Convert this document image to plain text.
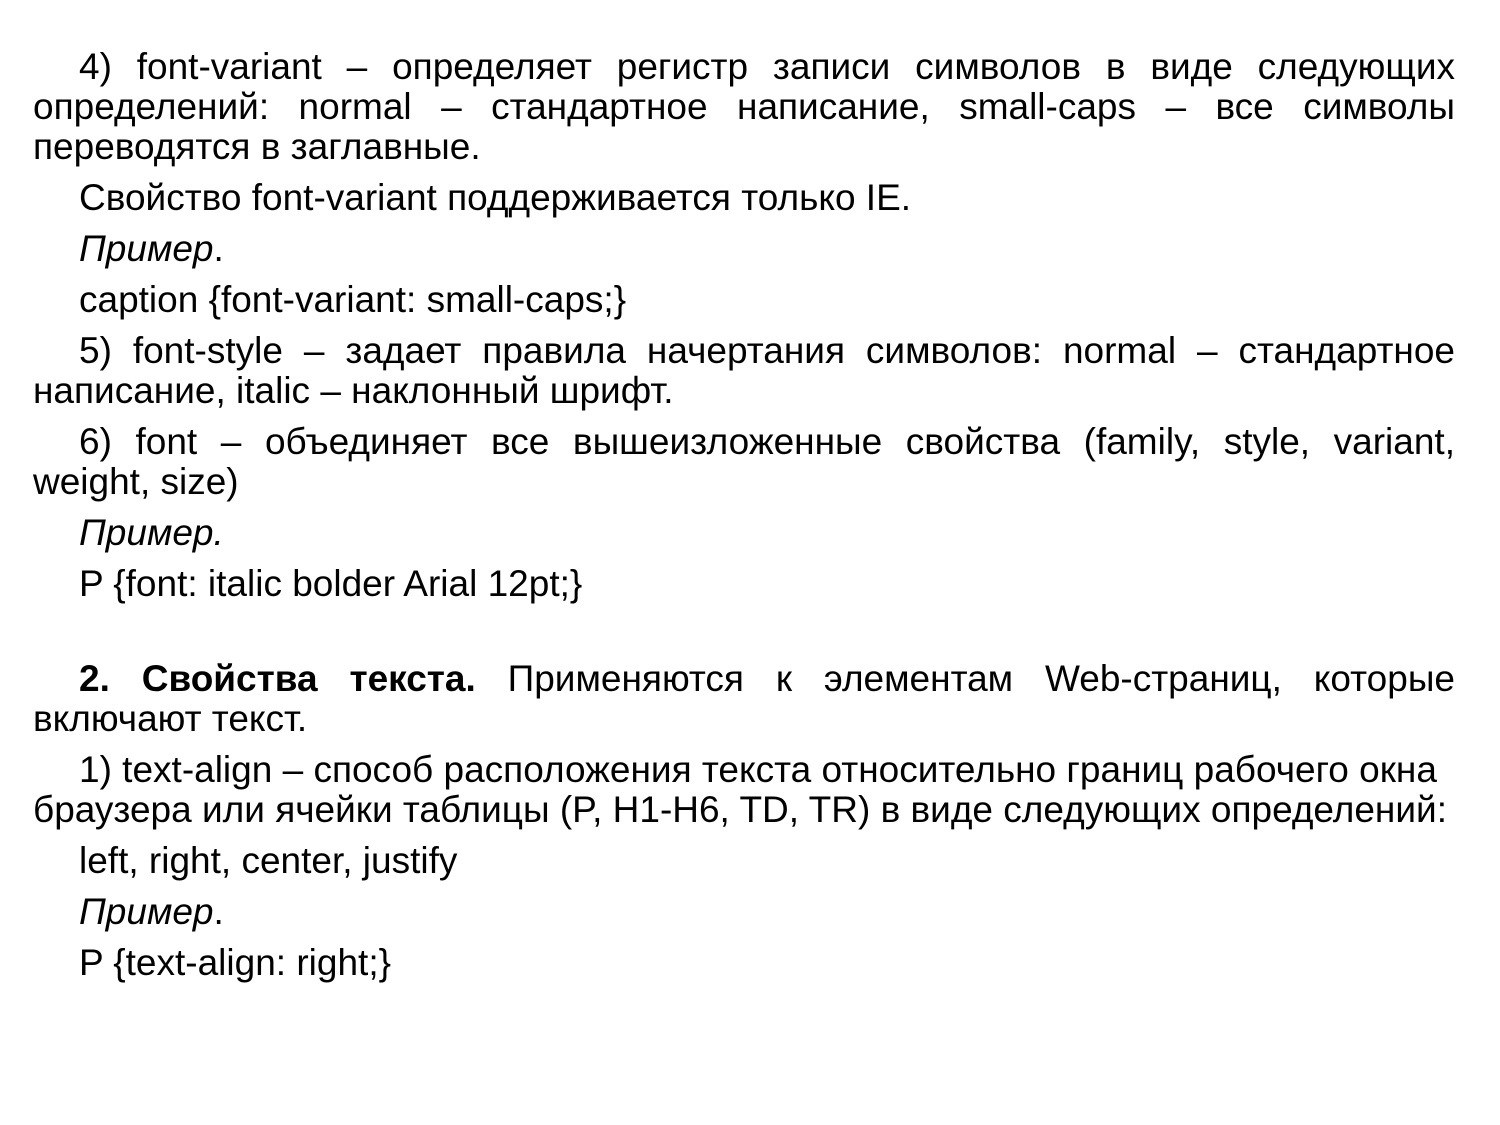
4) font-variant – определяет регистр записи символов в виде следующих определений: normal – стандартное написание, small-caps – все символы переводятся в заглавные.

Свойство font-variant поддерживается только IE.

Пример.

caption {font-variant: small-caps;}

5) font-style – задает правила начертания символов: normal – стандартное написание, italic – наклонный шрифт.

6) font – объединяет все вышеизложенные свойства (family, style, variant, weight, size)

Пример.

P {font: italic bolder Arial 12pt;}

2. Свойства текста. Применяются к элементам Web-страниц, которые включают текст.

1) text-align – способ расположения текста относительно границ рабочего окна браузера или ячейки таблицы (P, H1-H6, TD, TR) в виде следующих определений:

left, right, center, justify

Пример.

P {text-align: right;}
